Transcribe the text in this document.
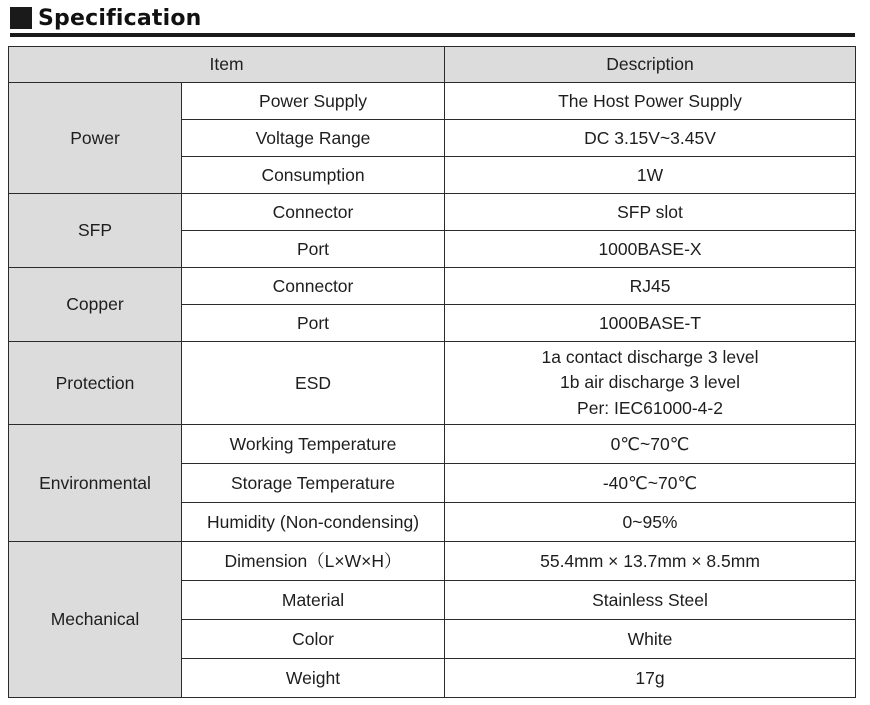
Specification
Item		Description
Power	Power Supply	The Host Power Supply
	Voltage Range	DC 3.15V~3.45V
	Consumption	1W
SFP	Connector	SFP slot
	Port	1000BASE-X
Copper	Connector	RJ45
	Port	1000BASE-T
Protection	ESD	1a contact discharge 3 level
1b air discharge 3 level
Per: IEC61000-4-2

Environmental	Working Temperature	0℃~70℃
	Storage Temperature	-40℃~70℃
	Humidity (Non-condensing)	0~95%
Mechanical	Dimension（L×W×H）	55.4mm × 13.7mm × 8.5mm
	Material	Stainless Steel
	Color	White
	Weight	17g
